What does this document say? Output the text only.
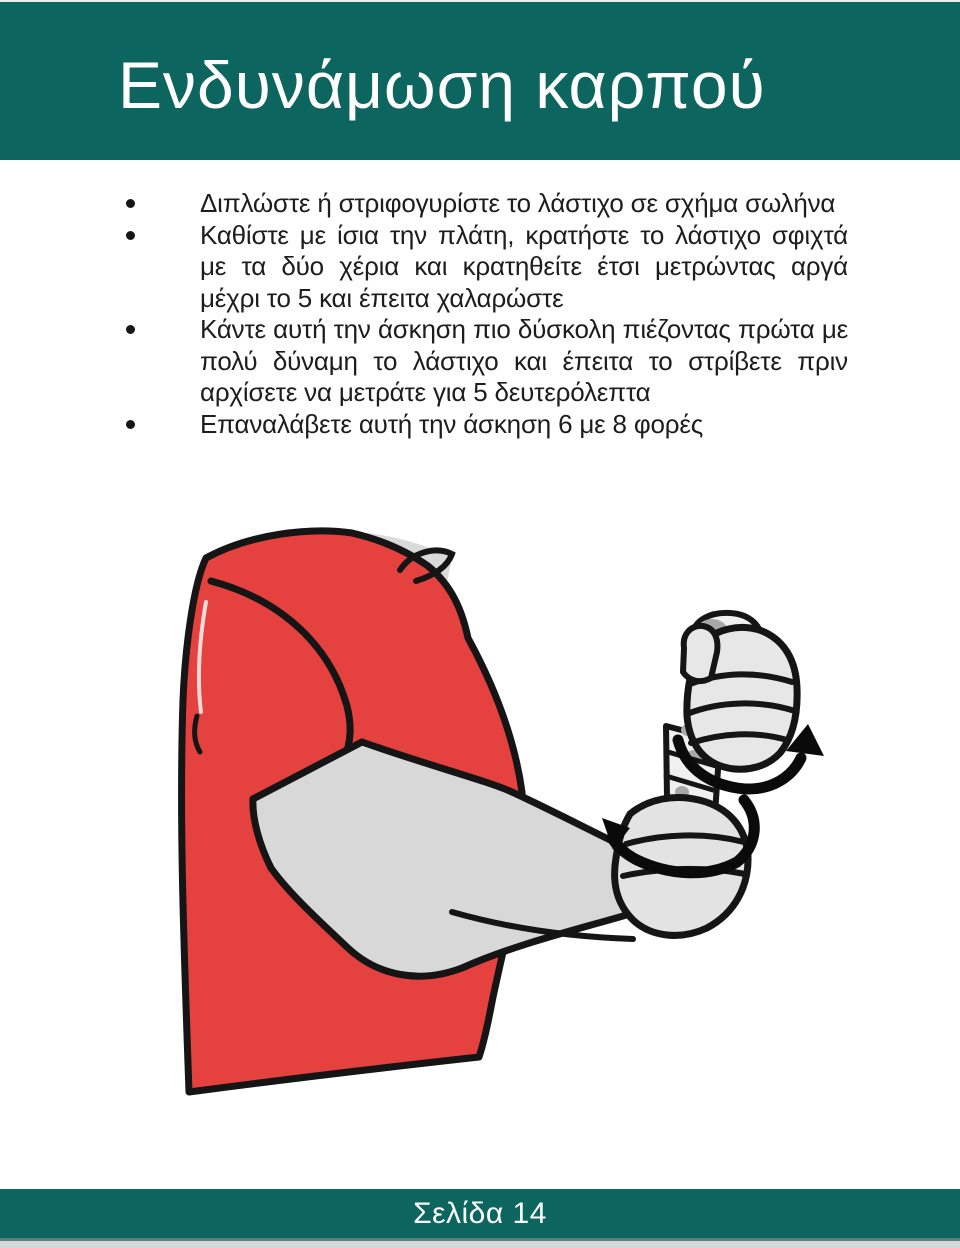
Ενδυνάμωση καρπού
Διπλώστε ή στριφογυρίστε το λάστιχο σε σχήμα σωλήνα
Καθίστε με ίσια την πλάτη, κρατήστε το λάστιχο σφιχτά με τα δύο χέρια και κρατηθείτε έτσι μετρώντας αργά μέχρι το 5 και έπειτα χαλαρώστε
Κάντε αυτή την άσκηση πιο δύσκολη πιέζοντας πρώτα με πολύ δύναμη το λάστιχο και έπειτα το στρίβετε πριν αρχίσετε να μετράτε για 5 δευτερόλεπτα
Επαναλάβετε αυτή την άσκηση 6 με 8 φορές
Σελίδα 14
